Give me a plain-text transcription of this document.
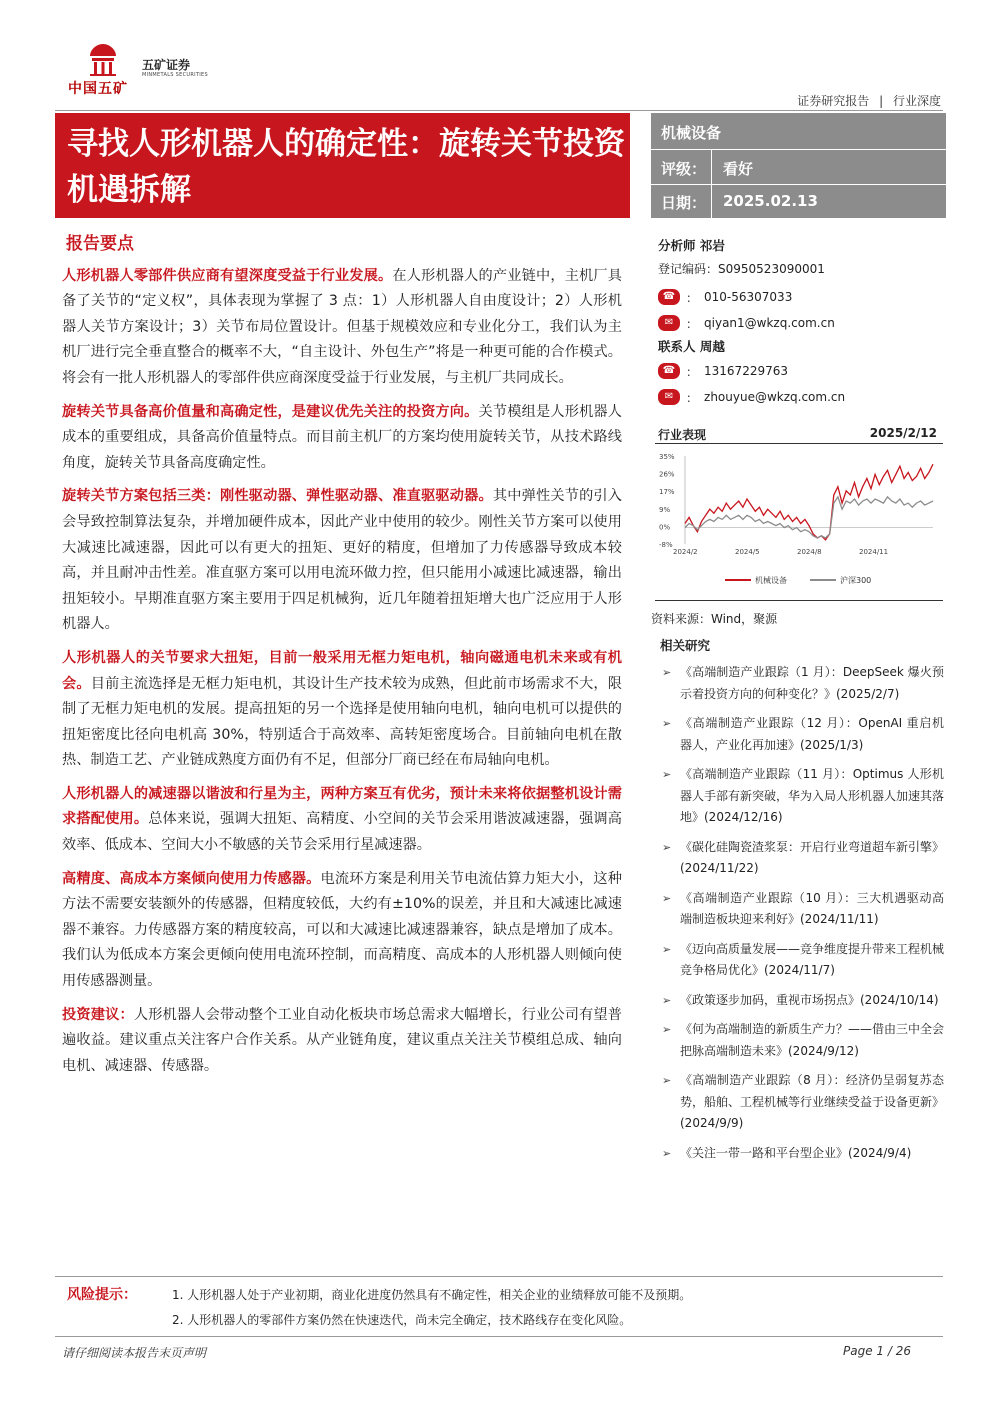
中国五矿
五矿证券
MINMETALS SECURITIES
证券研究报告 | 行业深度
寻找人形机器人的确定性：旋转关节投资机遇拆解
机械设备
评级： 看好
日期： 2025.02.13
报告要点

人形机器人零部件供应商有望深度受益于行业发展。在人形机器人的产业链中，主机厂具备了关节的“定义权”，具体表现为掌握了 3 点：1）人形机器人自由度设计；2）人形机器人关节方案设计；3）关节布局位置设计。但基于规模效应和专业化分工，我们认为主机厂进行完全垂直整合的概率不大，“自主设计、外包生产”将是一种更可能的合作模式。将会有一批人形机器人的零部件供应商深度受益于行业发展，与主机厂共同成长。

旋转关节具备高价值量和高确定性，是建议优先关注的投资方向。关节模组是人形机器人成本的重要组成，具备高价值量特点。而目前主机厂的方案均使用旋转关节，从技术路线角度，旋转关节具备高度确定性。

旋转关节方案包括三类：刚性驱动器、弹性驱动器、准直驱驱动器。其中弹性关节的引入会导致控制算法复杂，并增加硬件成本，因此产业中使用的较少。刚性关节方案可以使用大减速比减速器，因此可以有更大的扭矩、更好的精度，但增加了力传感器导致成本较高，并且耐冲击性差。准直驱方案可以用电流环做力控，但只能用小减速比减速器，输出扭矩较小。早期准直驱方案主要用于四足机械狗，近几年随着扭矩增大也广泛应用于人形机器人。

人形机器人的关节要求大扭矩，目前一般采用无框力矩电机，轴向磁通电机未来或有机会。目前主流选择是无框力矩电机，其设计生产技术较为成熟，但此前市场需求不大，限制了无框力矩电机的发展。提高扭矩的另一个选择是使用轴向电机，轴向电机可以提供的扭矩密度比径向电机高 30%，特别适合于高效率、高转矩密度场合。目前轴向电机在散热、制造工艺、产业链成熟度方面仍有不足，但部分厂商已经在布局轴向电机。

人形机器人的减速器以谐波和行星为主，两种方案互有优劣，预计未来将依据整机设计需求搭配使用。总体来说，强调大扭矩、高精度、小空间的关节会采用谐波减速器，强调高效率、低成本、空间大小不敏感的关节会采用行星减速器。

高精度、高成本方案倾向使用力传感器。电流环方案是利用关节电流估算力矩大小，这种方法不需要安装额外的传感器，但精度较低，大约有±10%的误差，并且和大减速比减速器不兼容。力传感器方案的精度较高，可以和大减速比减速器兼容，缺点是增加了成本。我们认为低成本方案会更倾向使用电流环控制，而高精度、高成本的人形机器人则倾向使用传感器测量。

投资建议：人形机器人会带动整个工业自动化板块市场总需求大幅增长，行业公司有望普遍收益。建议重点关注客户合作关系。从产业链角度，建议重点关注关节模组总成、轴向电机、减速器、传感器。

分析师 祁岩
登记编码：S0950523090001
☎ ： 010-56307033
✉	： qiyan1@wkzq.com.cn
联系人 周越
☎ ： 13167229763
✉	： zhouyue@wkzq.com.cn
行业表现	2025/2/12
35%
26%
17%
9%
0%
-8%
2024/2	2024/5	2024/8	2024/11
机械设备	沪深300
资料来源：Wind，聚源
相关研究
➢ 《高端制造产业跟踪（1 月）：DeepSeek 爆火预示着投资方向的何种变化？》(2025/2/7)
➢ 《高端制造产业跟踪（12 月）：OpenAI 重启机器人，产业化再加速》(2025/1/3)
➢ 《高端制造产业跟踪（11 月）：Optimus 人形机器人手部有新突破，华为入局人形机器人加速其落地》(2024/12/16)
➢ 《碳化硅陶瓷渣浆泵：开启行业弯道超车新引擎》(2024/11/22)
➢ 《高端制造产业跟踪（10 月）：三大机遇驱动高端制造板块迎来利好》(2024/11/11)
➢ 《迈向高质量发展——竞争维度提升带来工程机械竞争格局优化》(2024/11/7)
➢ 《政策逐步加码，重视市场拐点》(2024/10/14)
➢ 《何为高端制造的新质生产力？——借由三中全会把脉高端制造未来》(2024/9/12)
➢ 《高端制造产业跟踪（8 月）：经济仍呈弱复苏态势，船舶、工程机械等行业继续受益于设备更新》(2024/9/9)
➢ 《关注一带一路和平台型企业》(2024/9/4)
风险提示：	1. 人形机器人处于产业初期，商业化进度仍然具有不确定性，相关企业的业绩释放可能不及预期。
2. 人形机器人的零部件方案仍然在快速迭代，尚未完全确定，技术路线存在变化风险。
请仔细阅读本报告末页声明	Page 1 / 26
